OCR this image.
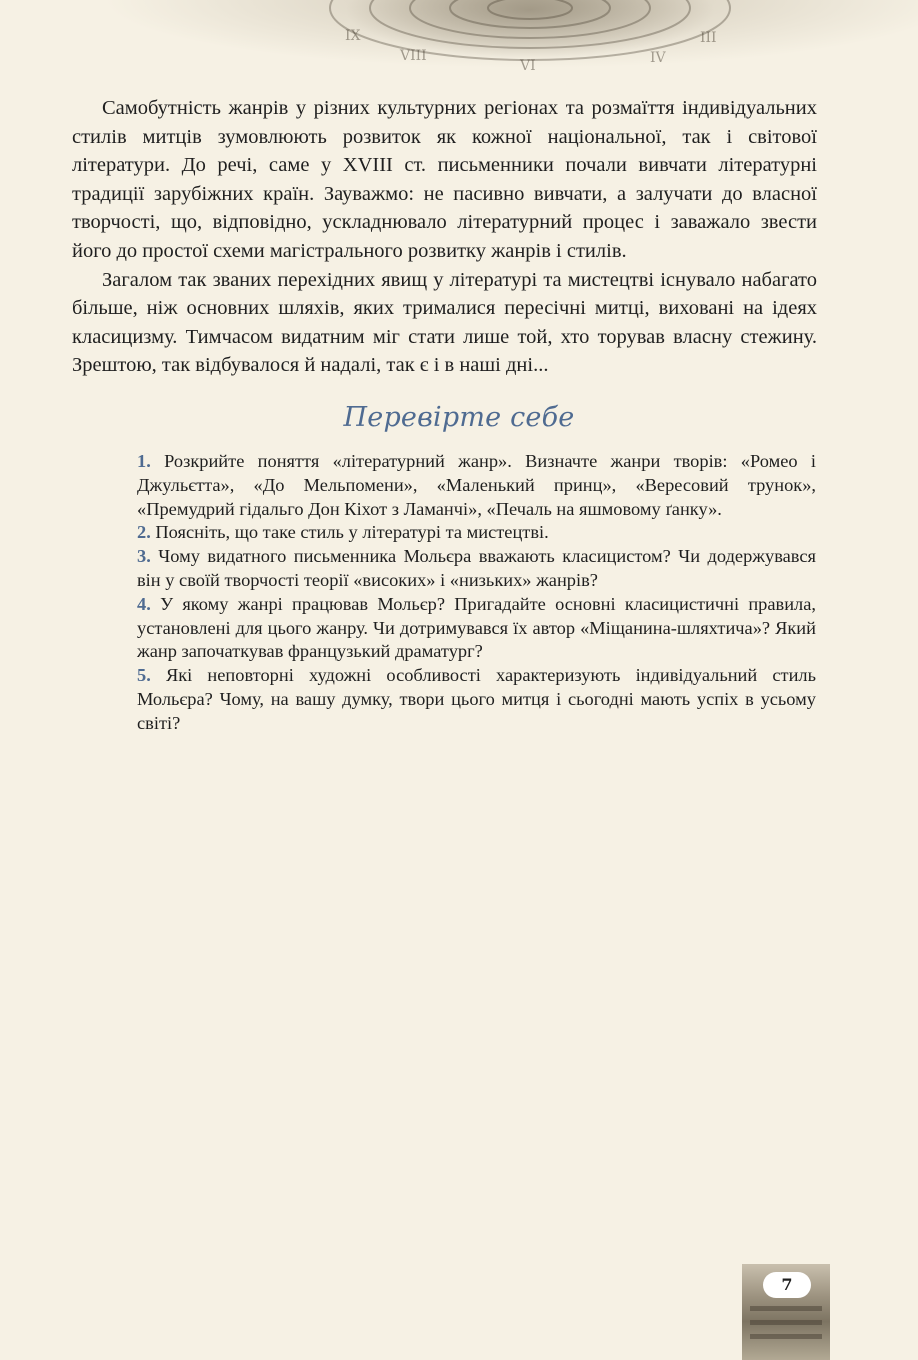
IX	III
VIII	IV
VI

Самобутність жанрів у різних культурних регіонах та розмаїття індивідуальних стилів митців зумовлюють розвиток як кожної національної, так і світової літератури. До речі, саме у XVIII ст. письменники почали вивчати літературні традиції зарубіжних країн. Зауважмо: не пасивно вивчати, а залучати до власної творчості, що, відповідно, ускладнювало літературний процес і заважало звести його до простої схеми магістрального розвитку жанрів і стилів.

Загалом так званих перехідних явищ у літературі та мистецтві існувало набагато більше, ніж основних шляхів, яких трималися пересічні митці, виховані на ідеях класицизму. Тимчасом видатним міг стати лише той, хто торував власну стежину. Зрештою, так відбувалося й надалі, так є і в наші дні...

Перевірте себе

1. Розкрийте поняття «літературний жанр». Визначте жанри творів: «Ромео і Джульєтта», «До Мельпомени», «Маленький принц», «Вересовий трунок», «Премудрий гідальго Дон Кіхот з Ламанчі», «Печаль на яшмовому ґанку».

2. Поясніть, що таке стиль у літературі та мистецтві.

3. Чому видатного письменника Мольєра вважають класицистом? Чи додержувався він у своїй творчості теорії «високих» і «низьких» жанрів?

4. У якому жанрі працював Мольєр? Пригадайте основні класицистичні правила, установлені для цього жанру. Чи дотримувався їх автор «Міщанина-шляхтича»? Який жанр започаткував французький драматург?

5. Які неповторні художні особливості характеризують індивідуальний стиль Мольєра? Чому, на вашу думку, твори цього митця і сьогодні мають успіх в усьому світі?

7
